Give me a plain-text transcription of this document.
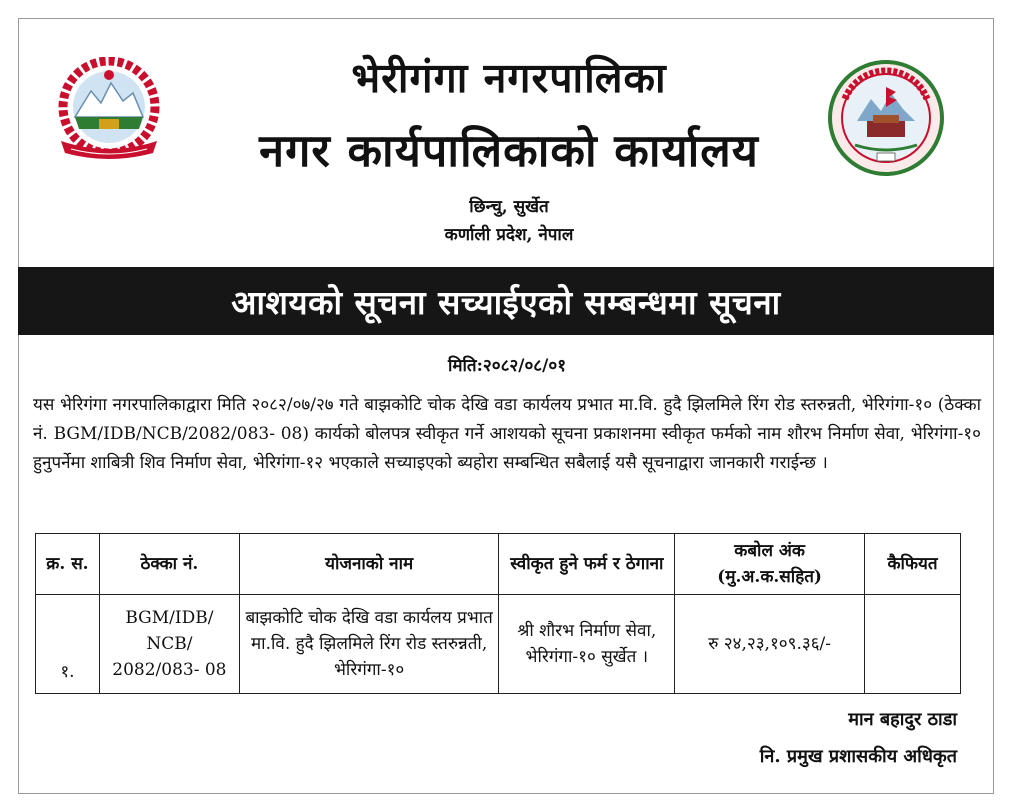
भेरीगंगा नगरपालिका
नगर कार्यपालिकाको कार्यालय
छिन्चु, सुर्खेत
कर्णाली प्रदेश, नेपाल
आशयको सूचना सच्याईएको सम्बन्धमा सूचना
मिति:२०८२/०८/०१
यस भेरिगंगा नगरपालिकाद्वारा मिति २०८२/०७/२७ गते बाझकोटि चोक देखि वडा कार्यलय प्रभात मा.वि. हुदै झिलमिले रिंग रोड स्तरुन्नती, भेरिगंगा-१० (ठेक्का नं. BGM/IDB/NCB/2082/083- 08) कार्यको बोलपत्र स्वीकृत गर्ने आशयको सूचना प्रकाशनमा स्वीकृत फर्मको नाम शौरभ निर्माण सेवा, भेरिगंगा-१० हुनुपर्नेमा शाबित्री शिव निर्माण सेवा, भेरिगंगा-१२ भएकाले सच्याइएको ब्यहोरा सम्बन्धित सबैलाई यसै सूचनाद्वारा जानकारी गराईन्छ ।
क्र. स.	ठेक्का नं.	योजनाको नाम	स्वीकृत हुने फर्म र ठेगाना	कबोल अंक (मु.अ.क.सहित)	कैफियत
१.	BGM/IDB/ NCB/ 2082/083- 08	बाझकोटि चोक देखि वडा कार्यलय प्रभात मा.वि. हुदै झिलमिले रिंग रोड स्तरुन्नती, भेरिगंगा-१०	श्री शौरभ निर्माण सेवा, भेरिगंगा-१० सुर्खेत ।	रु २४,२३,१०९.३६/-	
मान बहादुर ठाडा
नि. प्रमुख प्रशासकीय अधिकृत
